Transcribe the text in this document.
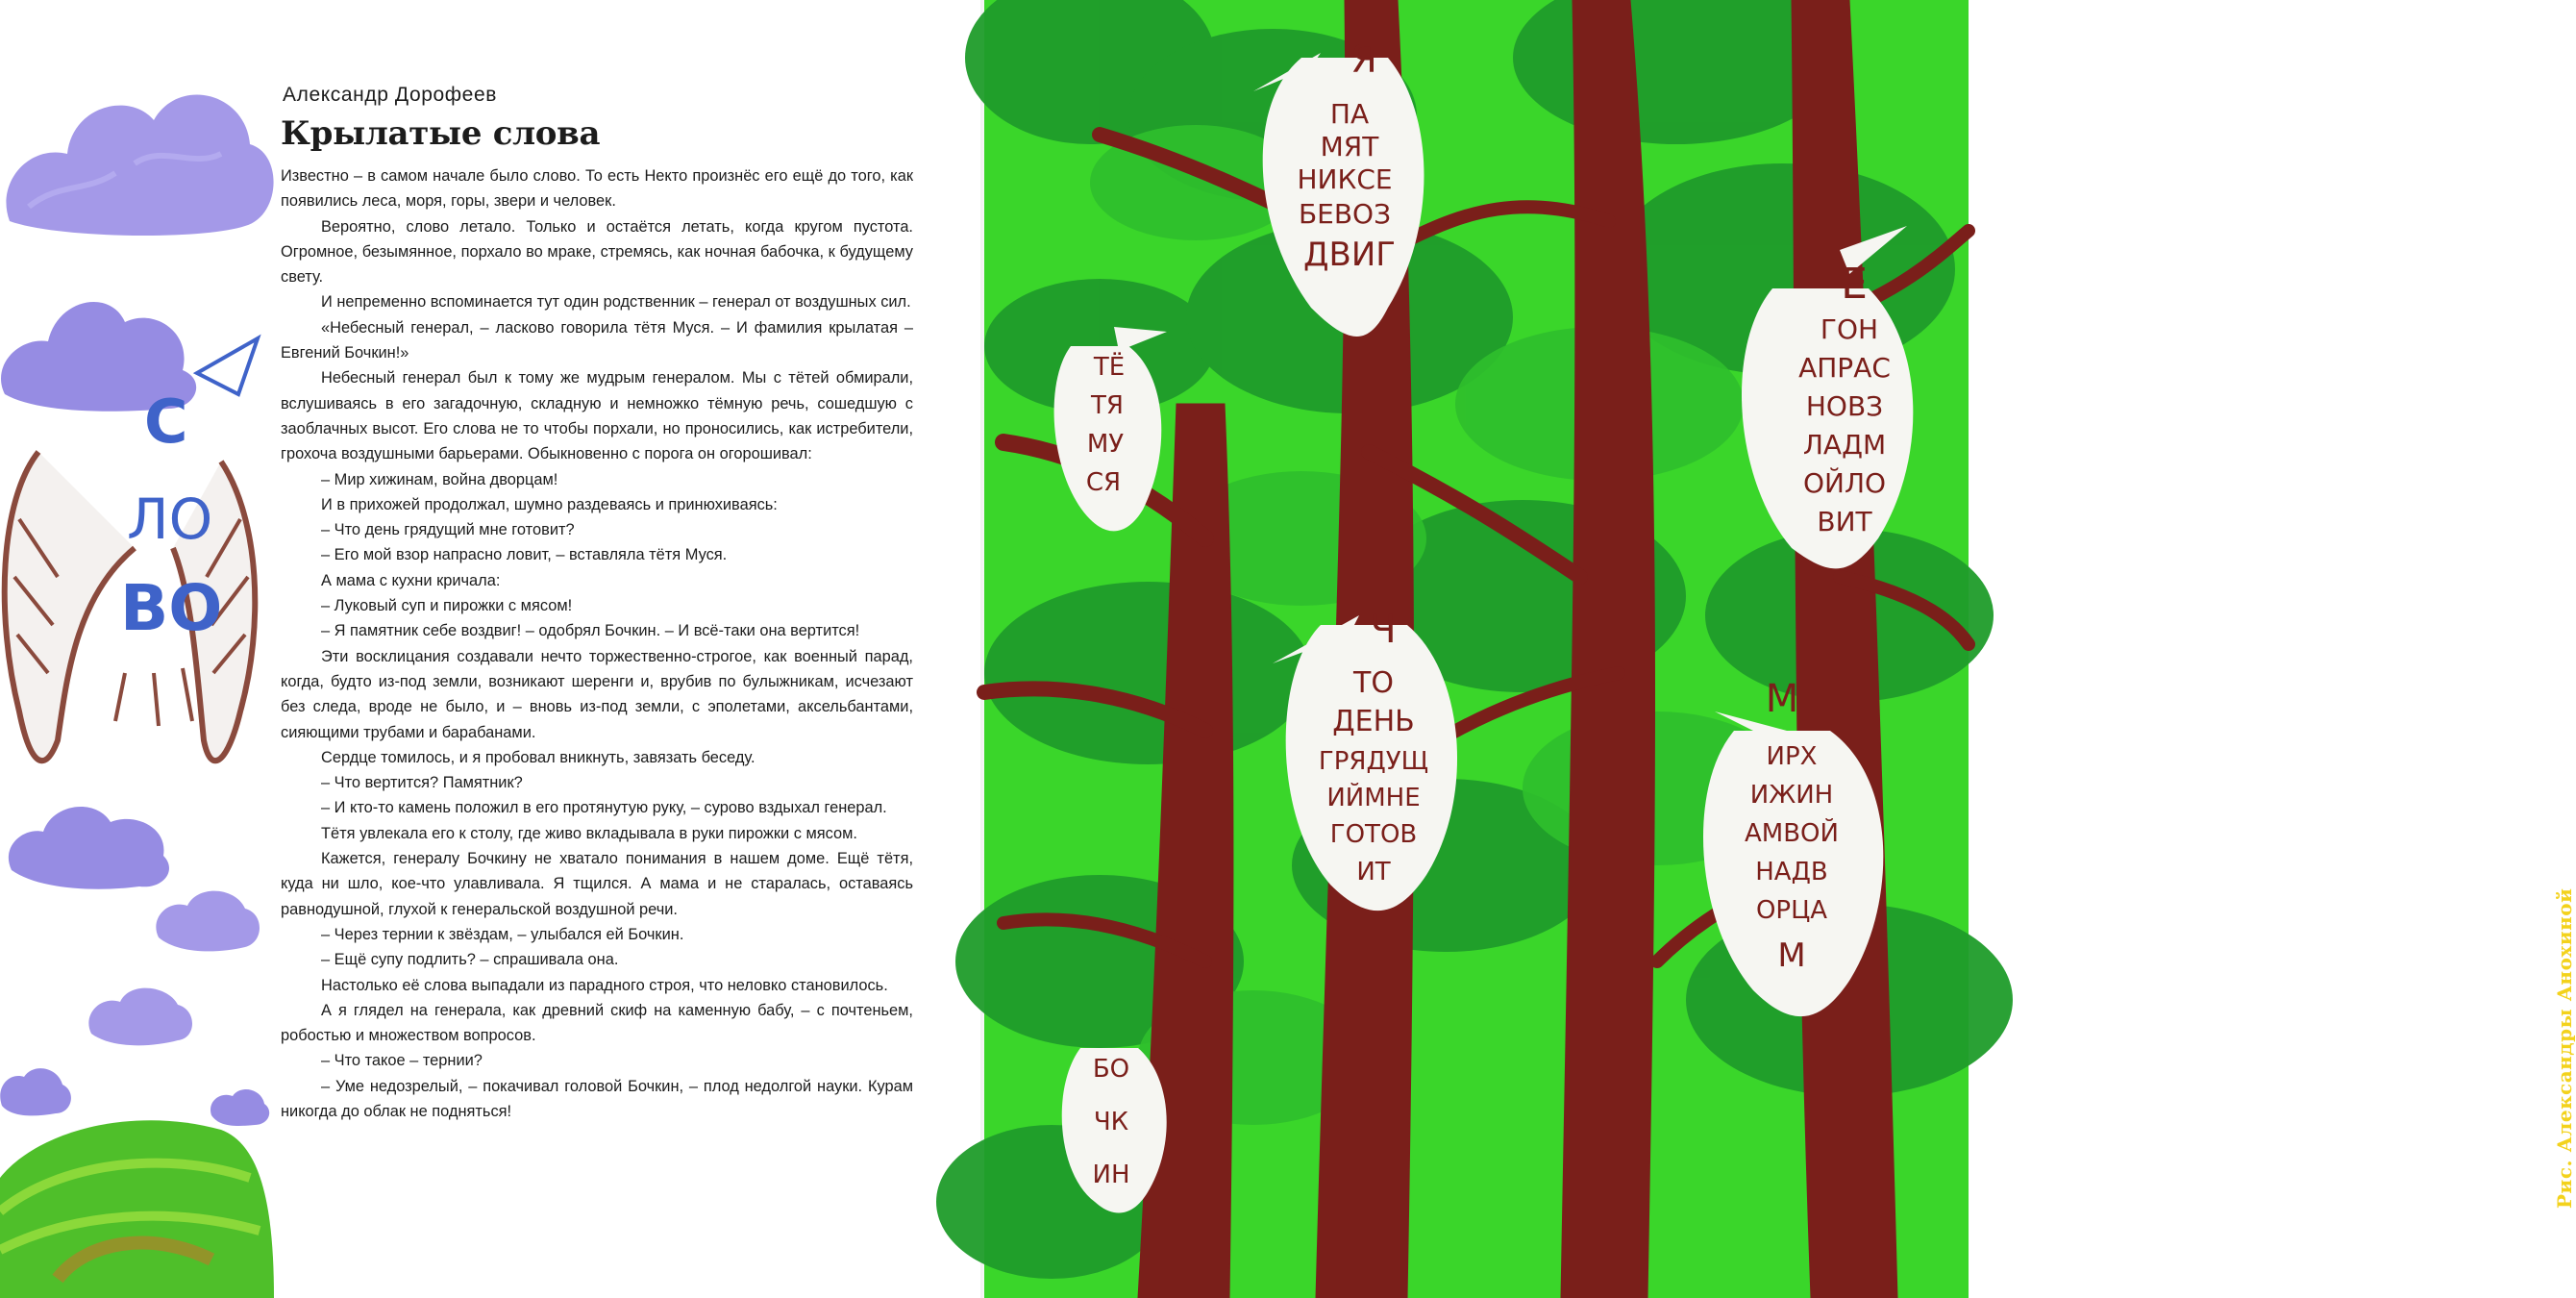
С
ЛО
ВО
Александр Дорофеев
Крылатые слова

Известно – в самом начале было слово. То есть Некто произнёс его ещё до того, как появились леса, моря, горы, звери и человек.

Вероятно, слово летало. Только и остаётся летать, когда кругом пустота. Огромное, безымянное, порхало во мраке, стремясь, как ночная бабочка, к будущему свету.

И непременно вспоминается тут один родственник – генерал от воздушных сил.

«Небесный генерал, – ласково говорила тётя Муся. – И фамилия крылатая – Евгений Бочкин!»

Небесный генерал был к тому же мудрым генералом. Мы с тётей обмирали, вслушиваясь в его загадочную, складную и немножко тёмную речь, сошедшую с заоблачных высот. Его слова не то чтобы порхали, но проносились, как истребители, грохоча воздушными барьерами. Обыкновенно с порога он огорошивал:

– Мир хижинам, война дворцам!

И в прихожей продолжал, шумно раздеваясь и принюхиваясь:

– Что день грядущий мне готовит?

– Его мой взор напрасно ловит, – вставляла тётя Муся.

А мама с кухни кричала:

– Луковый суп и пирожки с мясом!

– Я памятник себе воздвиг! – одобрял Бочкин. – И всё-таки она вертится!

Эти восклицания создавали нечто торжественно-строгое, как военный парад, когда, будто из-под земли, возникают шеренги и, врубив по булыжникам, исчезают без следа, вроде не было, и – вновь из-под земли, с эполетами, аксельбантами, сияющими трубами и барабанами.

Сердце томилось, и я пробовал вникнуть, завязать беседу.

– Что вертится? Памятник?

– И кто-то камень положил в его протянутую руку, – сурово вздыхал генерал.

Тётя увлекала его к столу, где живо вкладывала в руки пирожки с мясом.

Кажется, генералу Бочкину не хватало понимания в нашем доме. Ещё тётя, куда ни шло, кое-что улавливала. Я тщился. А мама и не старалась, оставаясь равнодушной, глухой к генеральской воздушной речи.

– Через тернии к звёздам, – улыбался ей Бочкин.

– Ещё супу подлить? – спрашивала она.

Настолько её слова выпадали из парадного строя, что неловко становилось.

А я глядел на генерала, как древний скиф на каменную бабу, – с почтеньем, робостью и множеством вопросов.

– Что такое – тернии?

– Уме недозрелый, – покачивал головой Бочкин, – плод недолгой науки. Курам никогда до облак не подняться!

Я
ПА
МЯТ
НИКСЕ
БЕВОЗ
ДВИГ
Е
ГОН
АПРАС
НОВЗ
ЛАДМ
ОЙЛО
ВИТ
ТЁ
ТЯ
МУ
СЯ
Ч
ТО
ДЕНЬ
ГРЯДУЩ
ИЙМНЕ
ГОТОВ
ИТ
М
ИРХ
ИЖИН
АМВОЙ
НАДВ
ОРЦА
М
БО
ЧК
ИН	Рис. Александры Анохиной
